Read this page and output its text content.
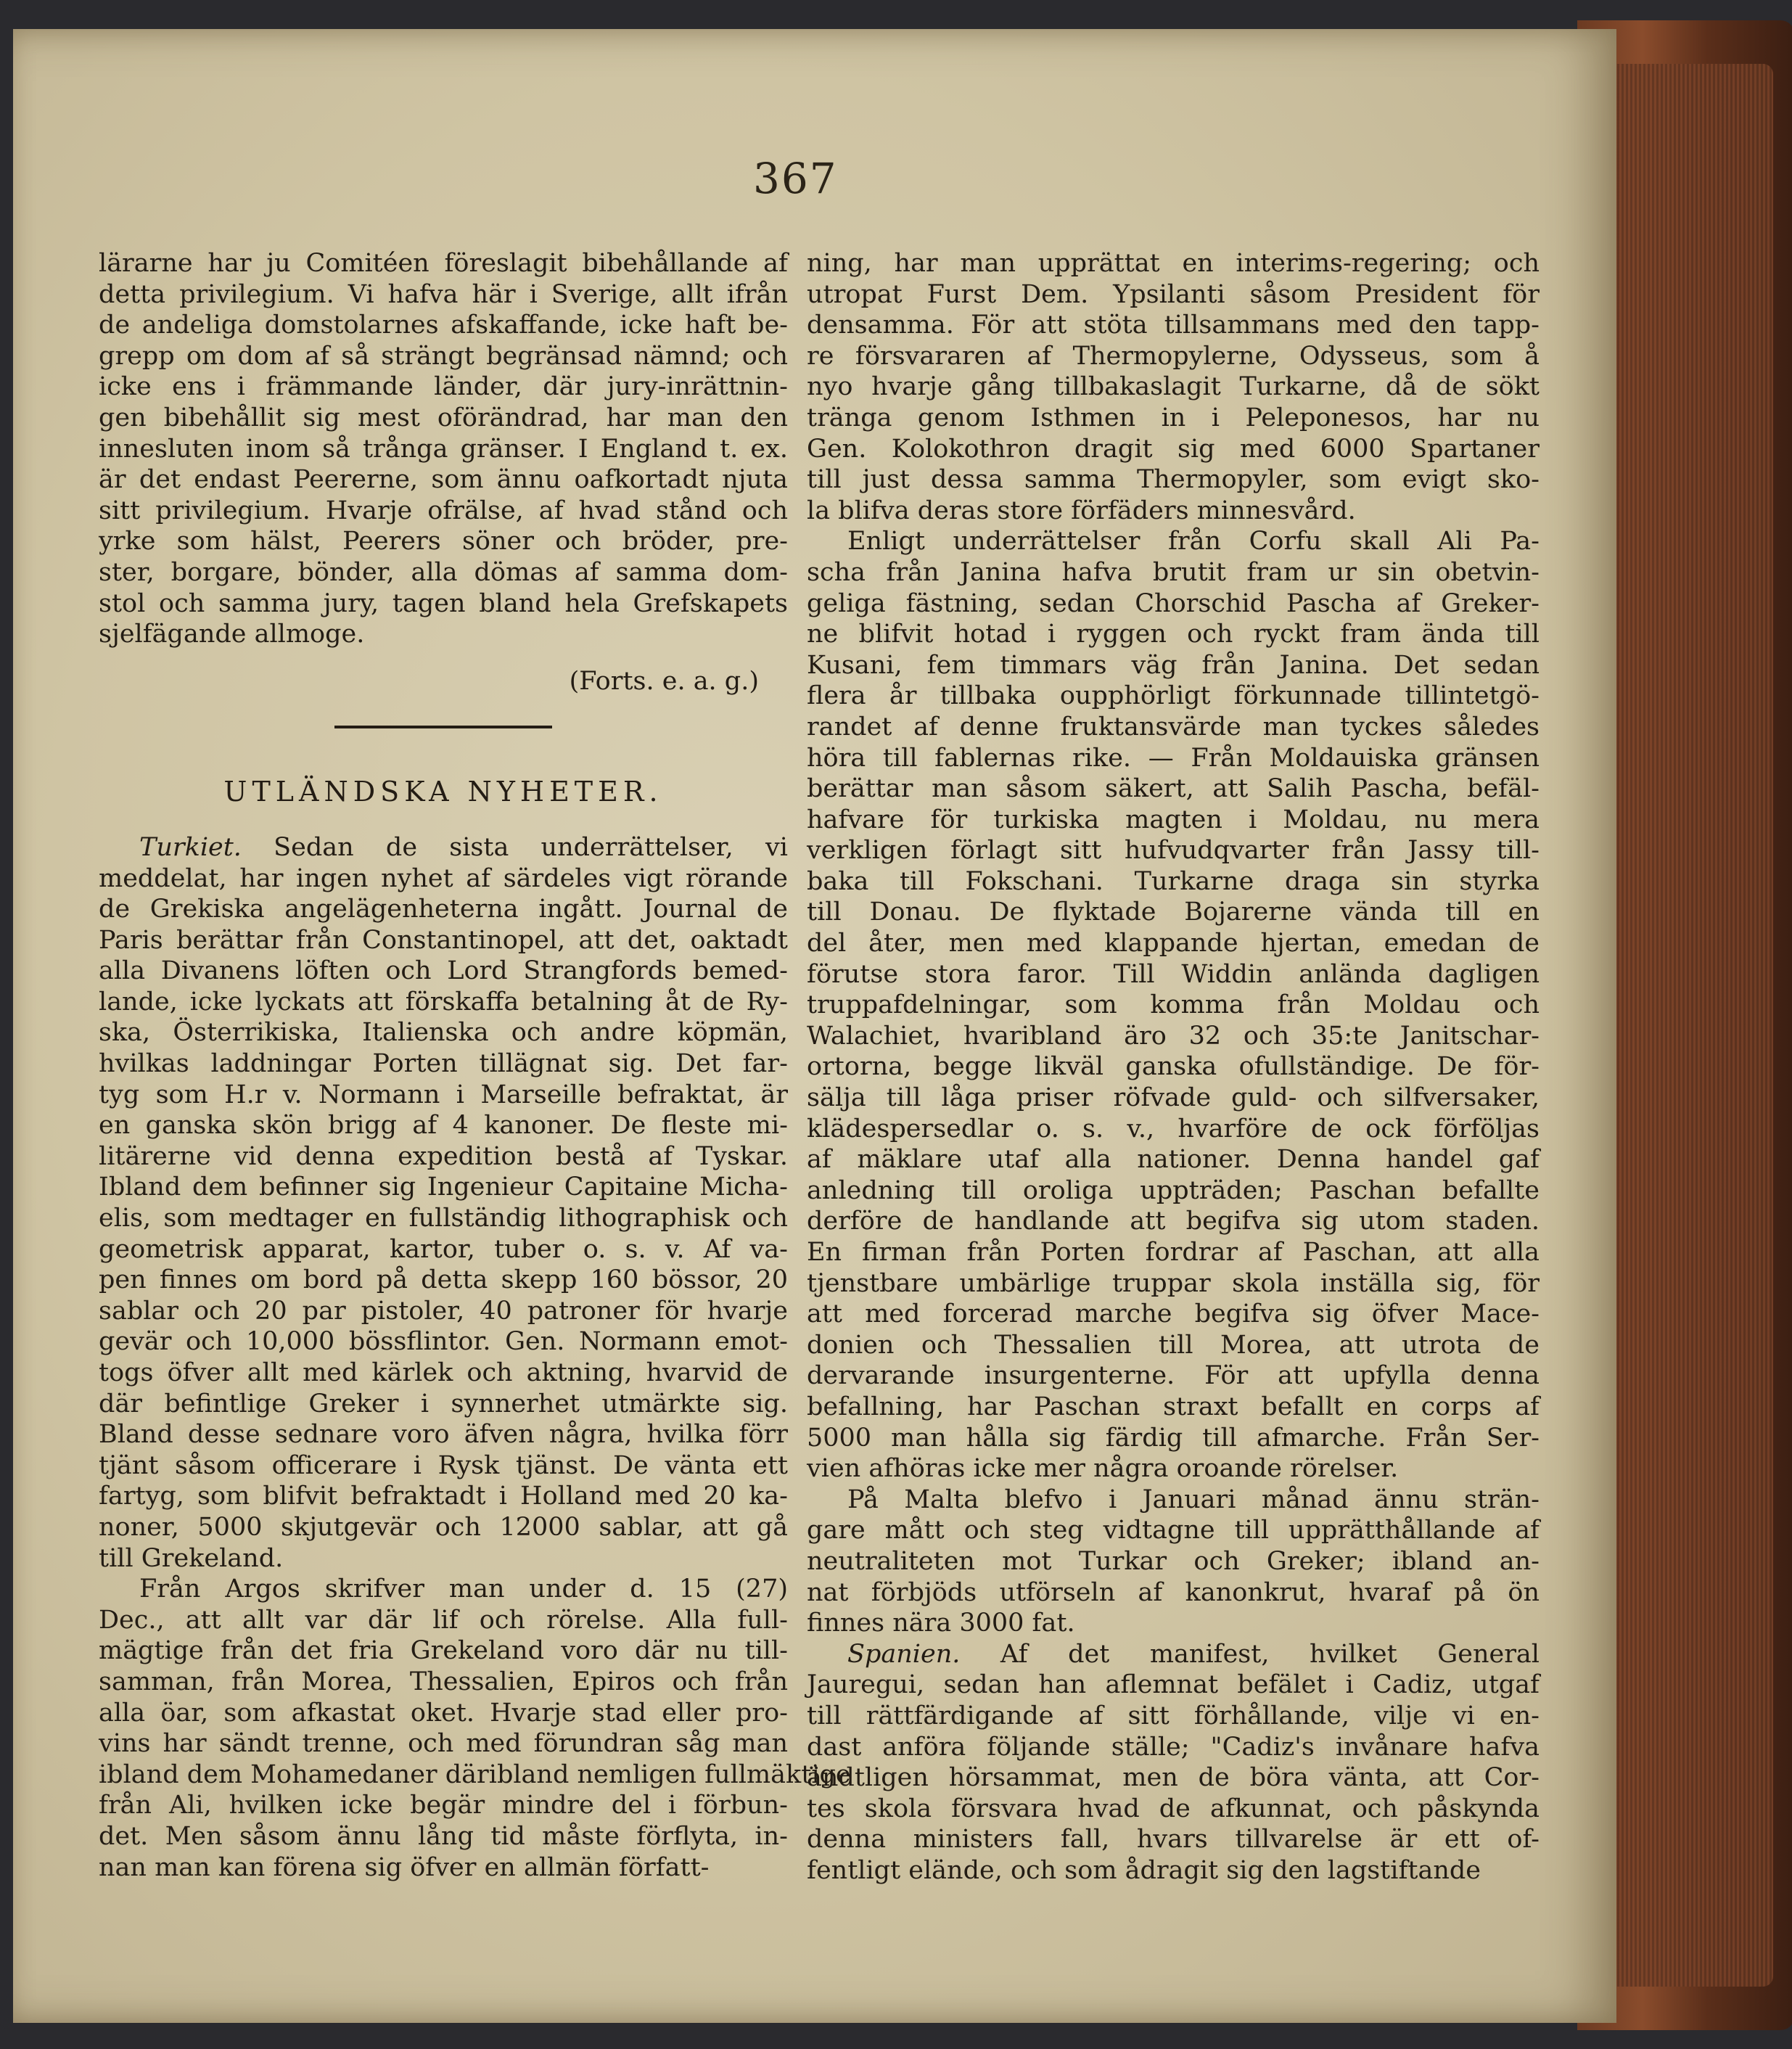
367
lärarne har ju Comitéen föreslagit bibehållande af
detta privilegium. Vi hafva här i Sverige, allt ifrån
de andeliga domstolarnes afskaffande, icke haft be-
grepp om dom af så strängt begränsad nämnd; och
icke ens i främmande länder, där jury-inrättnin-
gen bibehållit sig mest oförändrad, har man den
innesluten inom så trånga gränser. I England t. ex.
är det endast Peererne, som ännu oafkortadt njuta
sitt privilegium. Hvarje ofrälse, af hvad stånd och
yrke som hälst, Peerers söner och bröder, pre-
ster, borgare, bönder, alla dömas af samma dom-
stol och samma jury, tagen bland hela Grefskapets
sjelfägande allmoge.
(Forts. e. a. g.)
UTLÄNDSKA NYHETER.
Turkiet. Sedan de sista underrättelser, vi
meddelat, har ingen nyhet af särdeles vigt rörande
de Grekiska angelägenheterna ingått. Journal de
Paris berättar från Constantinopel, att det, oaktadt
alla Divanens löften och Lord Strangfords bemed-
lande, icke lyckats att förskaffa betalning åt de Ry-
ska, Österrikiska, Italienska och andre köpmän,
hvilkas laddningar Porten tillägnat sig. Det far-
tyg som H.r v. Normann i Marseille befraktat, är
en ganska skön brigg af 4 kanoner. De fleste mi-
litärerne vid denna expedition bestå af Tyskar.
Ibland dem befinner sig Ingenieur Capitaine Micha-
elis, som medtager en fullständig lithographisk och
geometrisk apparat, kartor, tuber o. s. v. Af va-
pen finnes om bord på detta skepp 160 bössor, 20
sablar och 20 par pistoler, 40 patroner för hvarje
gevär och 10,000 bössflintor. Gen. Normann emot-
togs öfver allt med kärlek och aktning, hvarvid de
där befintlige Greker i synnerhet utmärkte sig.
Bland desse sednare voro äfven några, hvilka förr
tjänt såsom officerare i Rysk tjänst. De vänta ett
fartyg, som blifvit befraktadt i Holland med 20 ka-
noner, 5000 skjutgevär och 12000 sablar, att gå
till Grekeland.
Från Argos skrifver man under d. 15 (27)
Dec., att allt var där lif och rörelse. Alla full-
mägtige från det fria Grekeland voro där nu till-
samman, från Morea, Thessalien, Epiros och från
alla öar, som afkastat oket. Hvarje stad eller pro-
vins har sändt trenne, och med förundran såg man
ibland dem Mohamedaner däribland nemligen fullmäktige
från Ali, hvilken icke begär mindre del i förbun-
det. Men såsom ännu lång tid måste förflyta, in-
nan man kan förena sig öfver en allmän författ-
ning, har man upprättat en interims-regering; och
utropat Furst Dem. Ypsilanti såsom President för
densamma. För att stöta tillsammans med den tapp-
re försvararen af Thermopylerne, Odysseus, som å
nyo hvarje gång tillbakaslagit Turkarne, då de sökt
tränga genom Isthmen in i Peleponesos, har nu
Gen. Kolokothron dragit sig med 6000 Spartaner
till just dessa samma Thermopyler, som evigt sko-
la blifva deras store förfäders minnesvård.
Enligt underrättelser från Corfu skall Ali Pa-
scha från Janina hafva brutit fram ur sin obetvin-
geliga fästning, sedan Chorschid Pascha af Greker-
ne blifvit hotad i ryggen och ryckt fram ända till
Kusani, fem timmars väg från Janina. Det sedan
flera år tillbaka oupphörligt förkunnade tillintetgö-
randet af denne fruktansvärde man tyckes således
höra till fablernas rike. — Från Moldauiska gränsen
berättar man såsom säkert, att Salih Pascha, befäl-
hafvare för turkiska magten i Moldau, nu mera
verkligen förlagt sitt hufvudqvarter från Jassy till-
baka till Fokschani. Turkarne draga sin styrka
till Donau. De flyktade Bojarerne vända till en
del åter, men med klappande hjertan, emedan de
förutse stora faror. Till Widdin anlända dagligen
truppafdelningar, som komma från Moldau och
Walachiet, hvaribland äro 32 och 35:te Janitschar-
ortorna, begge likväl ganska ofullständige. De för-
sälja till låga priser röfvade guld- och silfversaker,
klädespersedlar o. s. v., hvarföre de ock förföljas
af mäklare utaf alla nationer. Denna handel gaf
anledning till oroliga uppträden; Paschan befallte
derföre de handlande att begifva sig utom staden.
En firman från Porten fordrar af Paschan, att alla
tjenstbare umbärlige truppar skola inställa sig, för
att med forcerad marche begifva sig öfver Mace-
donien och Thessalien till Morea, att utrota de
dervarande insurgenterne. För att upfylla denna
befallning, har Paschan straxt befallt en corps af
5000 man hålla sig färdig till afmarche. Från Ser-
vien afhöras icke mer några oroande rörelser.
På Malta blefvo i Januari månad ännu strän-
gare mått och steg vidtagne till upprätthållande af
neutraliteten mot Turkar och Greker; ibland an-
nat förbjöds utförseln af kanonkrut, hvaraf på ön
finnes nära 3000 fat.
Spanien. Af det manifest, hvilket General
Jauregui, sedan han aflemnat befälet i Cadiz, utgaf
till rättfärdigande af sitt förhållande, vilje vi en-
dast anföra följande ställe; "Cadiz's invånare hafva
ändtligen hörsammat, men de böra vänta, att Cor-
tes skola försvara hvad de afkunnat, och påskynda
denna ministers fall, hvars tillvarelse är ett of-
fentligt elände, och som ådragit sig den lagstiftande
